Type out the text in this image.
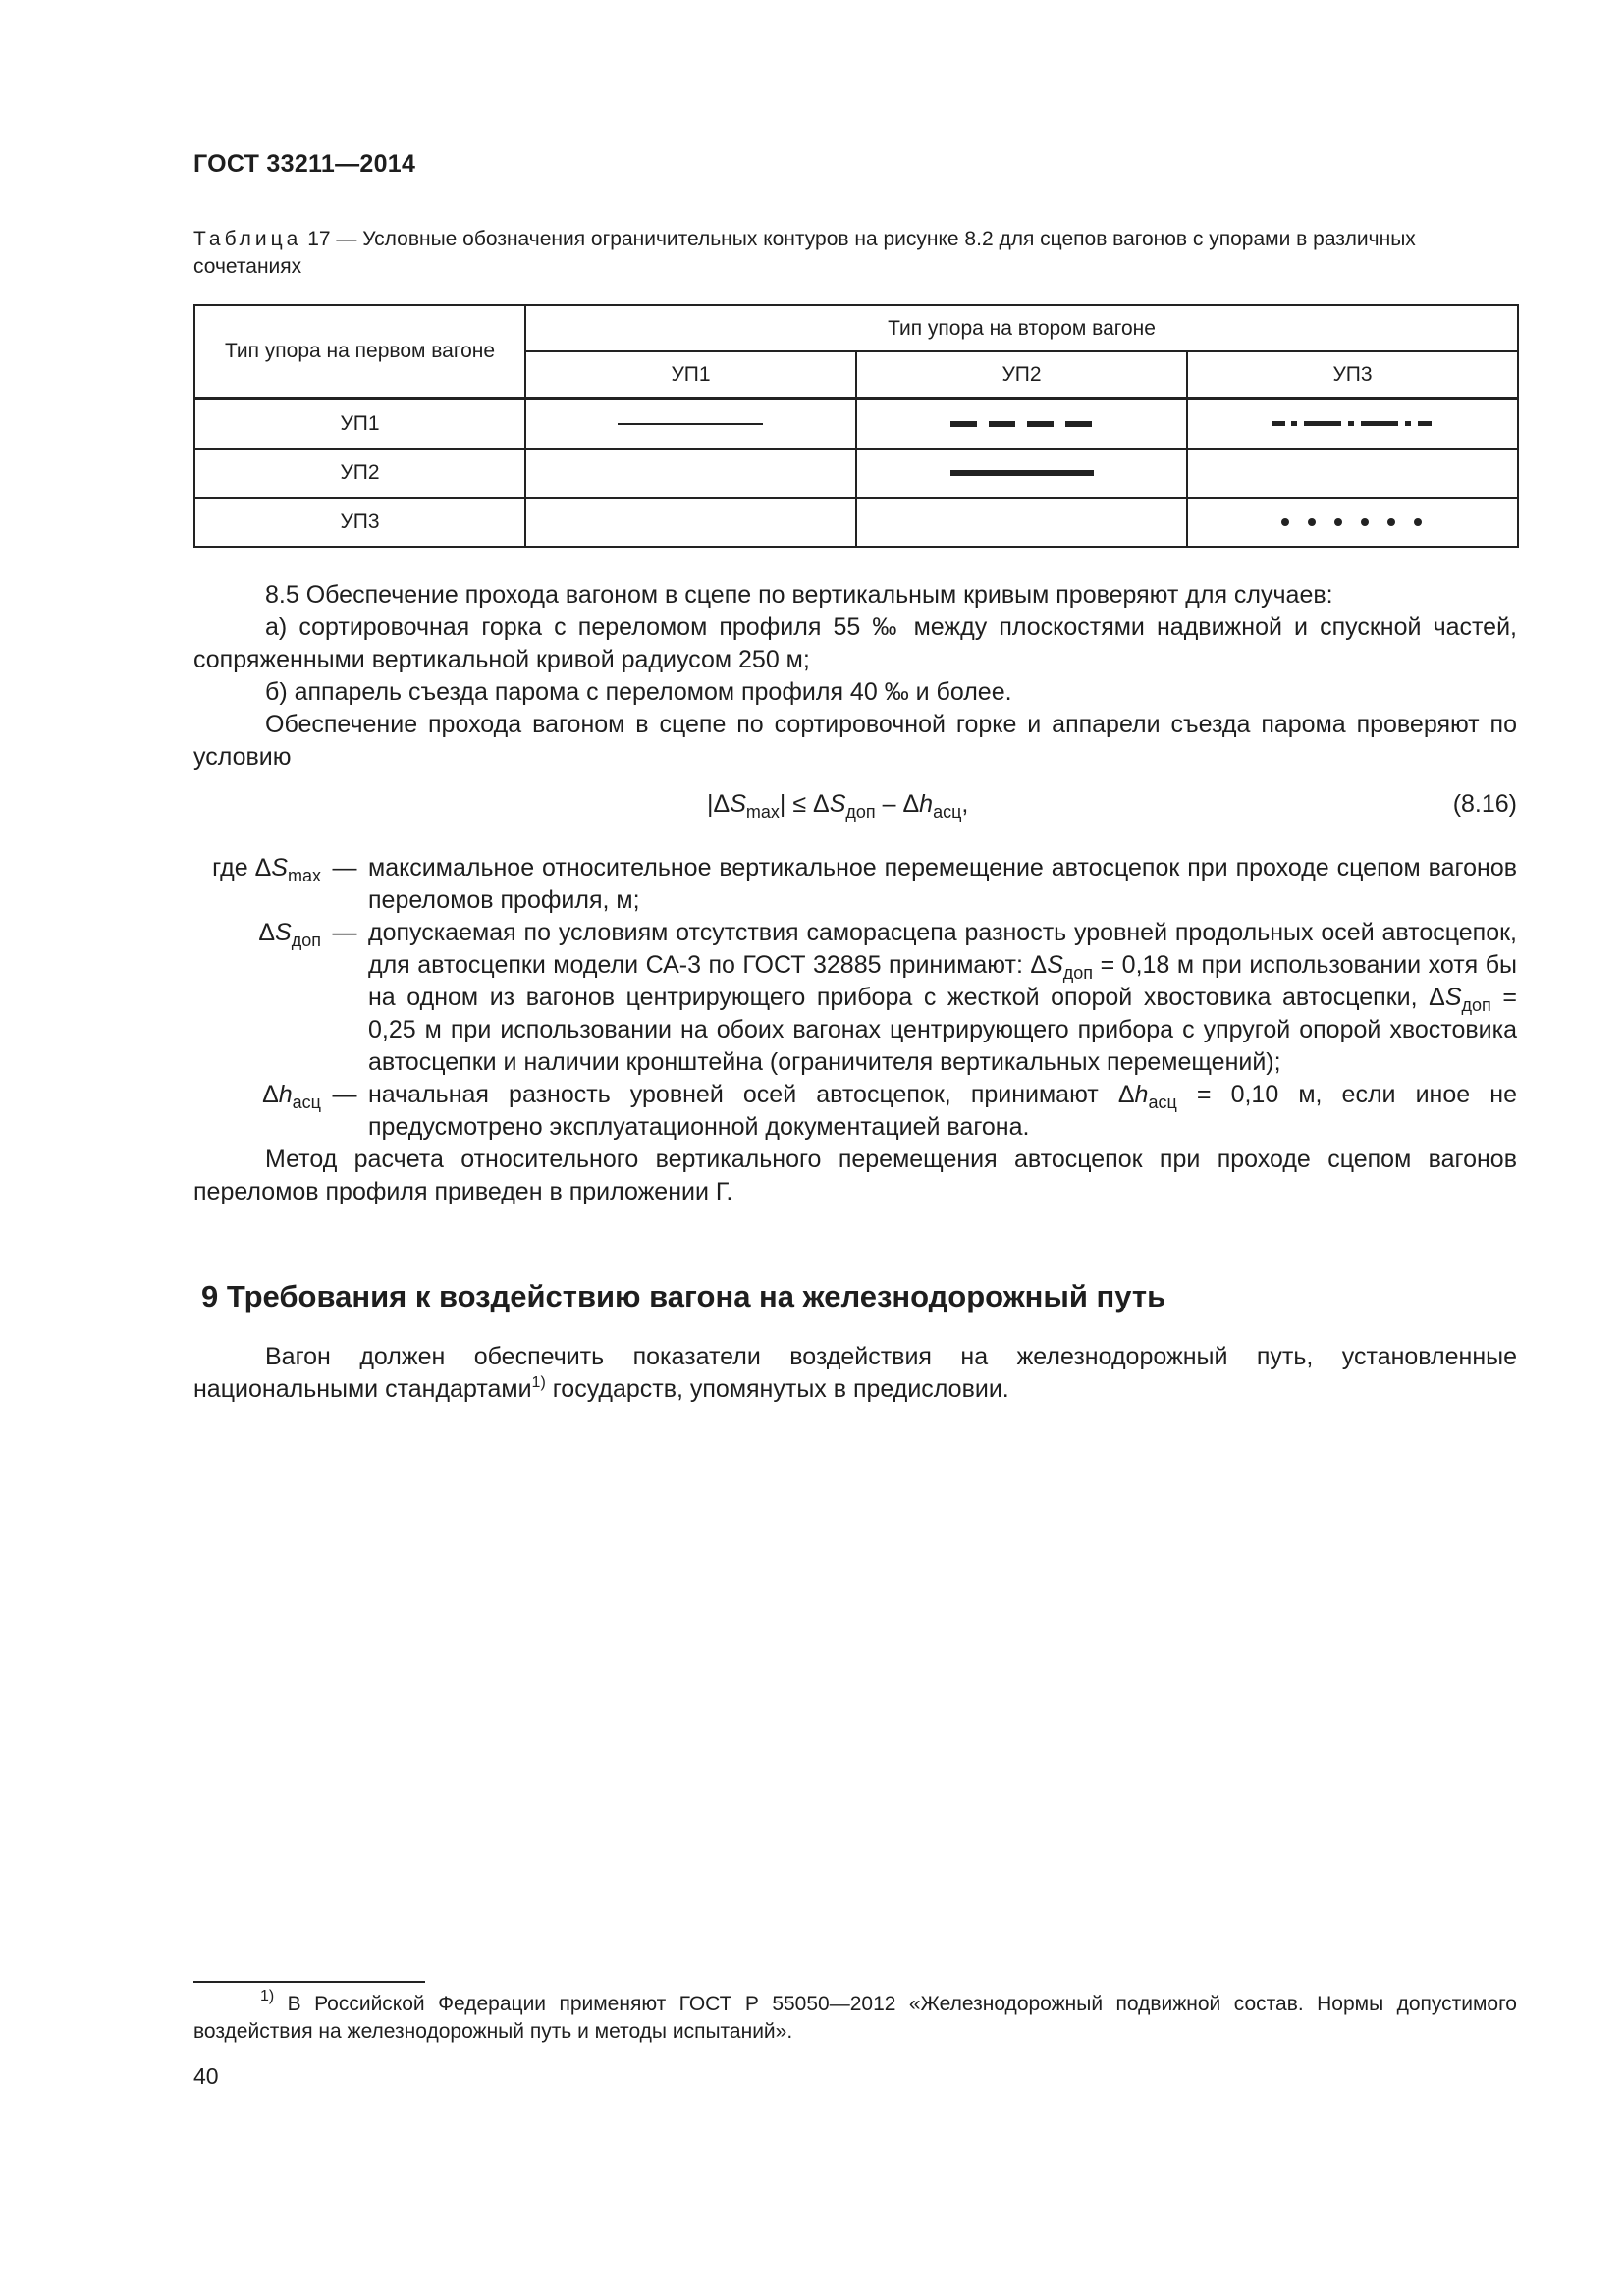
ГОСТ 33211—2014
Таблица 17 — Условные обозначения ограничительных контуров на рисунке 8.2 для сцепов вагонов с упорами в различных сочетаниях
Тип упора на первом вагоне	Тип упора на втором вагоне		
	УП1	УП2	УП3
УП1	

УП2		

УП3			

8.5 Обеспечение прохода вагоном в сцепе по вертикальным кривым проверяют для случаев:

а) сортировочная горка с переломом профиля 55 ‰ между плоскостями надвижной и спускной частей, сопряженными вертикальной кривой радиусом 250 м;

б) аппарель съезда парома с переломом профиля 40 ‰ и более.

Обеспечение прохода вагоном в сцепе по сортировочной горке и аппарели съезда парома проверяют по условию

$|\Delta S_{max}| \le \Delta S_{доп} - \Delta h_{асц}$,	(8.16)
где $\Delta S_{max}$ — максимальное относительное вертикальное перемещение автосцепок при проходе сцепом вагонов переломов профиля, м;
$\Delta S_{доп}$ — допускаемая по условиям отсутствия саморасцепа разность уровней продольных осей автосцепок, для автосцепки модели СА-3 по ГОСТ 32885 принимают: $\Delta S_{доп} = 0,18$ м при использовании хотя бы на одном из вагонов центрирующего прибора с жесткой опорой хвостовика автосцепки, $\Delta S_{доп} = 0,25$ м при использовании на обоих вагонах центрирующего прибора с упругой опорой хвостовика автосцепки и наличии кронштейна (ограничителя вертикальных перемещений);
$\Delta h_{асц}$ — начальная разность уровней осей автосцепок, принимают $\Delta h_{асц} = 0,10$ м, если иное не предусмотрено эксплуатационной документацией вагона.

Метод расчета относительного вертикального перемещения автосцепок при проходе сцепом вагонов переломов профиля приведен в приложении Г.

9 Требования к воздействию вагона на железнодорожный путь

Вагон должен обеспечить показатели воздействия на железнодорожный путь, установленные национальными стандартами$^{1)}$ государств, упомянутых в предисловии.

$^{1)}$ В Российской Федерации применяют ГОСТ Р 55050—2012 «Железнодорожный подвижной состав. Нормы допустимого воздействия на железнодорожный путь и методы испытаний».
40
